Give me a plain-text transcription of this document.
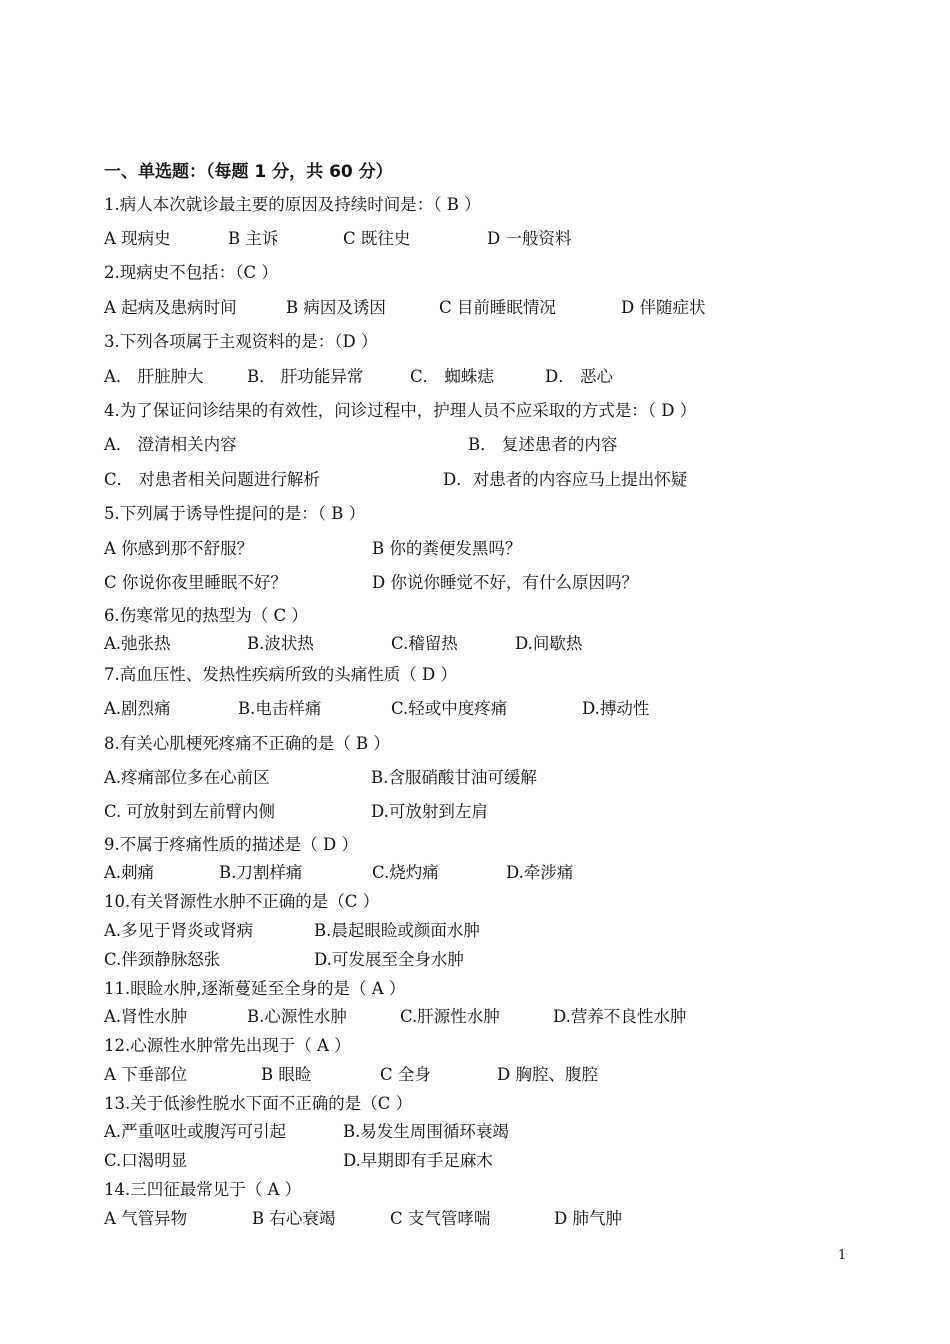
一、单选题：（每题 1 分，共 60 分）
1.病人本次就诊最主要的原因及持续时间是：（ B ）
A 现病史	B 主诉	C 既往史	D 一般资料
2.现病史不包括：（C ）
A 起病及患病时间	B 病因及诱因	C 目前睡眠情况	D 伴随症状
3.下列各项属于主观资料的是：（D ）
A． 肝脏肿大	B． 肝功能异常	C． 蜘蛛痣	D． 恶心
4.为了保证问诊结果的有效性，问诊过程中，护理人员不应采取的方式是：（ D ）
A． 澄清相关内容	B． 复述患者的内容
C． 对患者相关问题进行解析	D．对患者的内容应马上提出怀疑
5.下列属于诱导性提问的是：（ B ）
A 你感到那不舒服？	B 你的粪便发黑吗？
C 你说你夜里睡眠不好？	D 你说你睡觉不好，有什么原因吗？
6.伤寒常见的热型为（ C ）
A.弛张热	B.波状热	C.稽留热	D.间歇热
7.高血压性、发热性疾病所致的头痛性质（ D ）
A.剧烈痛	B.电击样痛	C.轻或中度疼痛	D.搏动性
8.有关心肌梗死疼痛不正确的是（ B ）
A.疼痛部位多在心前区	B.含服硝酸甘油可缓解
C. 可放射到左前臂内侧	D.可放射到左肩
9.不属于疼痛性质的描述是（ D ）
A.刺痛	B.刀割样痛	C.烧灼痛	D.牵涉痛
10.有关肾源性水肿不正确的是（C ）
A.多见于肾炎或肾病	B.晨起眼睑或颜面水肿
C.伴颈静脉怒张	D.可发展至全身水肿
11.眼睑水肿,逐渐蔓延至全身的是（ A ）
A.肾性水肿	B.心源性水肿	C.肝源性水肿	D.营养不良性水肿
12.心源性水肿常先出现于（ A ）
A 下垂部位	B 眼睑	C 全身	D 胸腔、腹腔
13.关于低渗性脱水下面不正确的是（C ）
A.严重呕吐或腹泻可引起	B.易发生周围循环衰竭
C.口渴明显	D.早期即有手足麻木
14.三凹征最常见于（ A ）
A 气管异物	B 右心衰竭	C 支气管哮喘	D 肺气肿
1
